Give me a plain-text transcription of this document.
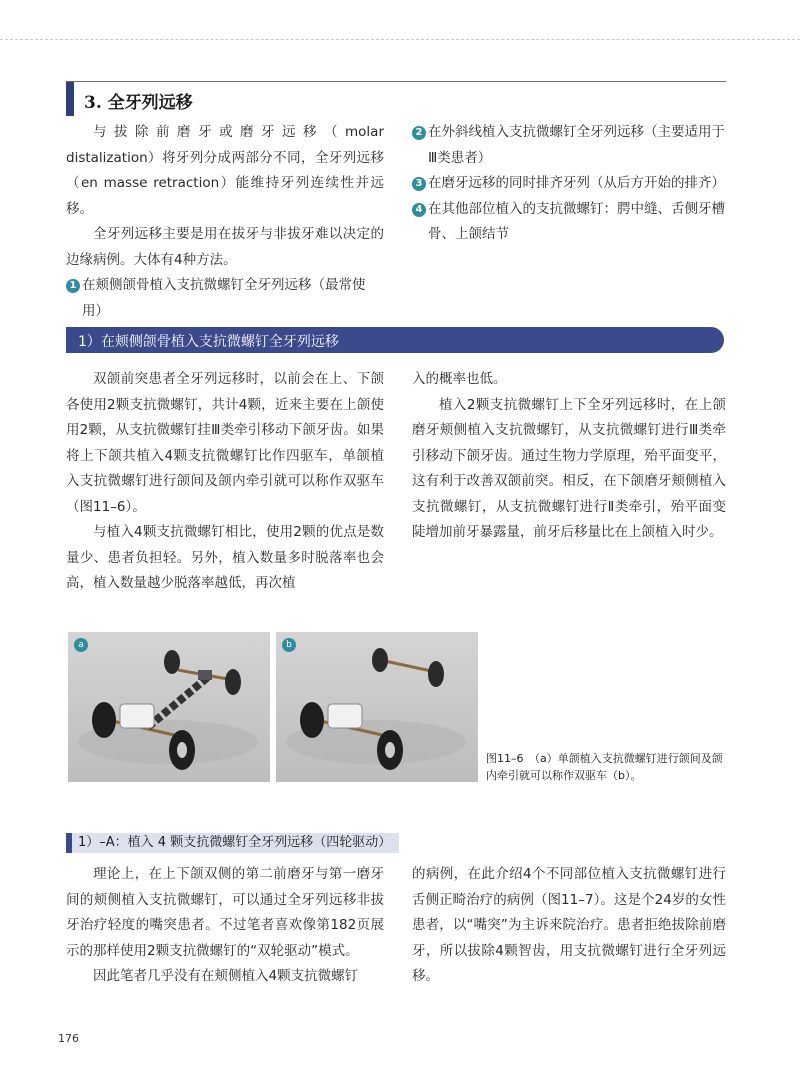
3. 全牙列远移

与拔除前磨牙或磨牙远移（molar distalization）将牙列分成两部分不同，全牙列远移（en masse retraction）能维持牙列连续性并远移。

全牙列远移主要是用在拔牙与非拔牙难以决定的边缘病例。大体有4种方法。

1 在颊侧颌骨植入支抗微螺钉全牙列远移（最常使用）
2 在外斜线植入支抗微螺钉全牙列远移（主要适用于Ⅲ类患者）
3 在磨牙远移的同时排齐牙列（从后方开始的排齐）
4 在其他部位植入的支抗微螺钉：腭中缝、舌侧牙槽骨、上颌结节
1）在颊侧颌骨植入支抗微螺钉全牙列远移

双颌前突患者全牙列远移时，以前会在上、下颌各使用2颗支抗微螺钉，共计4颗，近来主要在上颌使用2颗，从支抗微螺钉挂Ⅲ类牵引移动下颌牙齿。如果将上下颌共植入4颗支抗微螺钉比作四驱车，单颌植入支抗微螺钉进行颌间及颌内牵引就可以称作双驱车（图11–6）。

与植入4颗支抗微螺钉相比，使用2颗的优点是数量少、患者负担轻。另外，植入数量多时脱落率也会高，植入数量越少脱落率越低，再次植

入的概率也低。

植入2颗支抗微螺钉上下全牙列远移时，在上颌磨牙颊侧植入支抗微螺钉，从支抗微螺钉进行Ⅲ类牵引移动下颌牙齿。通过生物力学原理，殆平面变平，这有利于改善双颌前突。相反，在下颌磨牙颊侧植入支抗微螺钉，从支抗微螺钉进行Ⅱ类牵引，殆平面变陡增加前牙暴露量，前牙后移量比在上颌植入时少。

a	b
图11–6　（a）单颌植入支抗微螺钉进行颌间及颌内牵引就可以称作双驱车（b）。
1）–A：植入 4 颗支抗微螺钉全牙列远移（四轮驱动）

理论上，在上下颌双侧的第二前磨牙与第一磨牙间的颊侧植入支抗微螺钉，可以通过全牙列远移非拔牙治疗轻度的嘴突患者。不过笔者喜欢像第182页展示的那样使用2颗支抗微螺钉的“双轮驱动”模式。

因此笔者几乎没有在颊侧植入4颗支抗微螺钉

的病例，在此介绍4个不同部位植入支抗微螺钉进行舌侧正畸治疗的病例（图11–7）。这是个24岁的女性患者，以“嘴突”为主诉来院治疗。患者拒绝拔除前磨牙，所以拔除4颗智齿，用支抗微螺钉进行全牙列远移。

176
